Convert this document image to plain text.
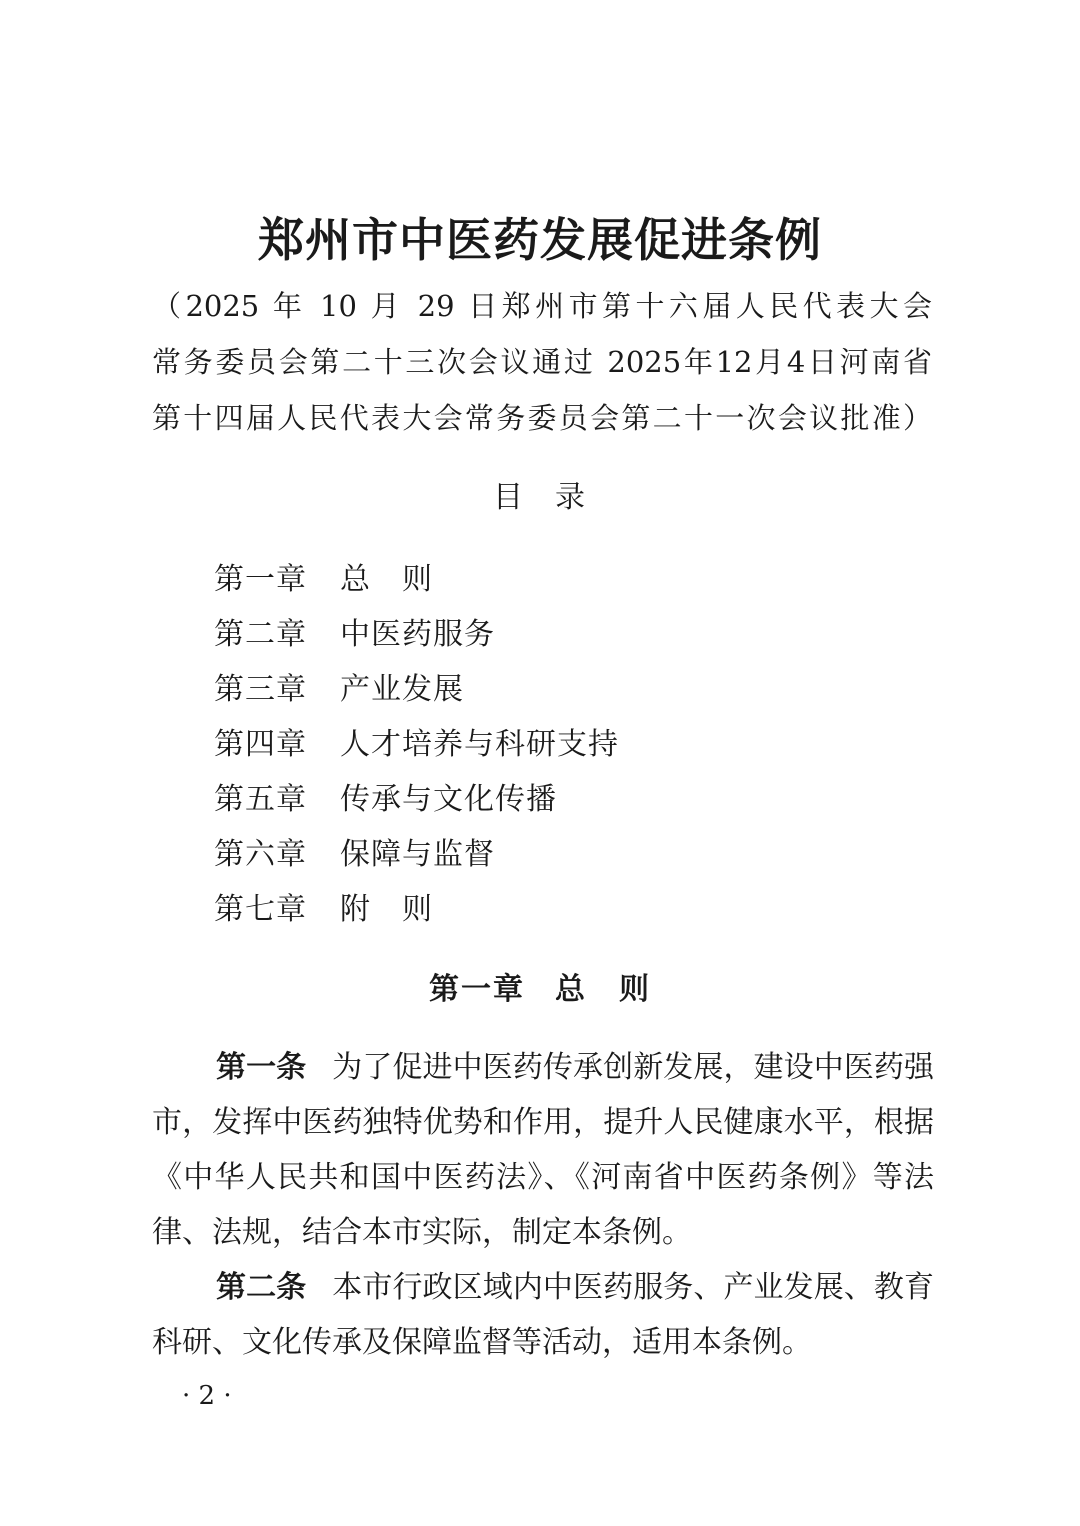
郑州市中医药发展促进条例
（2025 年 10 月 29 日郑州市第十六届人民代表大会
常务委员会第二十三次会议通过 2025年12月4日河南省
第十四届人民代表大会常务委员会第二十一次会议批准）
目 录
第一章	总　则
第二章	中医药服务
第三章	产业发展
第四章	人才培养与科研支持
第五章	传承与文化传播
第六章	保障与监督
第七章	附　则
第一章 总　则

第一条 为了促进中医药传承创新发展，建设中医药强市，发挥中医药独特优势和作用，提升人民健康水平，根据《中华人民共和国中医药法》、《河南省中医药条例》等法律、法规，结合本市实际，制定本条例。

第二条 本市行政区域内中医药服务、产业发展、教育科研、文化传承及保障监督等活动，适用本条例。

· 2 ·
